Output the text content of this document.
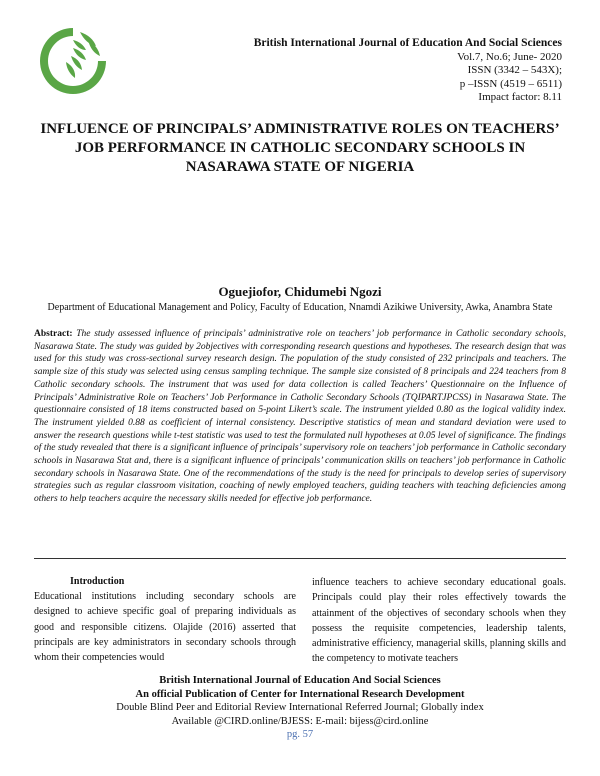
British International Journal of Education And Social Sciences
Vol.7, No.6; June- 2020
ISSN (3342 – 543X);
p –ISSN (4519 – 6511)
Impact factor: 8.11
INFLUENCE OF PRINCIPALS’ ADMINISTRATIVE ROLES ON TEACHERS’ JOB PERFORMANCE IN CATHOLIC SECONDARY SCHOOLS IN NASARAWA STATE OF NIGERIA

Oguejiofor, Chidumebi Ngozi

Department of Educational Management and Policy, Faculty of Education, Nnamdi Azikiwe University, Awka, Anambra State

Abstract: The study assessed influence of principals’ administrative role on teachers’ job performance in Catholic secondary schools, Nasarawa State. The study was guided by 2objectives with corresponding research questions and hypotheses. The research design that was used for this study was cross-sectional survey research design. The population of the study consisted of 232 principals and teachers. The sample size of this study was selected using census sampling technique. The sample size consisted of 8 principals and 224 teachers from 8 Catholic secondary schools. The instrument that was used for data collection is called Teachers’ Questionnaire on the Influence of Principals’ Administrative Role on Teachers’ Job Performance in Catholic Secondary Schools (TQIPARTJPCSS) in Nasarawa State. The questionnaire consisted of 18 items constructed based on 5-point Likert’s scale. The instrument yielded 0.80 as the logical validity index. The instrument yielded 0.88 as coefficient of internal consistency. Descriptive statistics of mean and standard deviation were used to answer the research questions while t-test statistic was used to test the formulated null hypotheses at 0.05 level of significance. The findings of the study revealed that there is a significant influence of principals’ supervisory role on teachers’ job performance in Catholic secondary schools in Nasarawa Stat and, there is a significant influence of principals’ communication skills on teachers’ job performance in Catholic secondary schools in Nasarawa State. One of the recommendations of the study is the need for principals to develop series of supervisory strategies such as regular classroom visitation, coaching of newly employed teachers, guiding teachers with teaching deficiencies among others to help teachers acquire the necessary skills needed for effective job performance.

Introduction

Educational institutions including secondary schools are designed to achieve specific goal of preparing individuals as good and responsible citizens. Olajide (2016) asserted that principals are key administrators in secondary schools through whom their competencies would

influence teachers to achieve secondary educational goals. Principals could play their roles effectively towards the attainment of the objectives of secondary schools when they possess the requisite competencies, leadership talents, administrative efficiency, managerial skills, planning skills and the competency to motivate teachers

British International Journal of Education And Social Sciences
An official Publication of Center for International Research Development
Double Blind Peer and Editorial Review International Referred Journal; Globally index
Available @CIRD.online/BJESS: E-mail: bijess@cird.online
pg. 57
